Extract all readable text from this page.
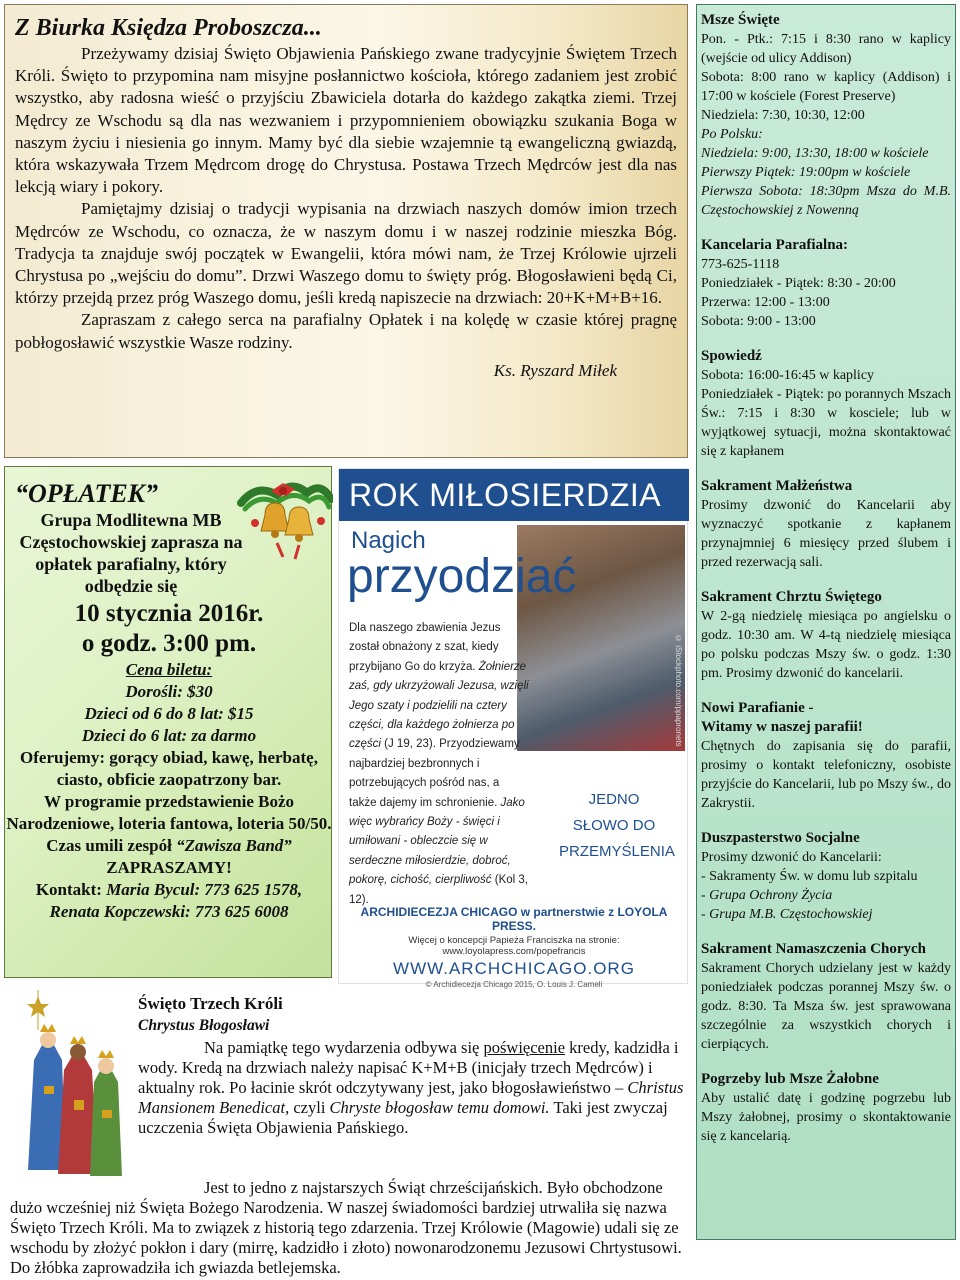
Z Biurka Księdza Proboszcza...

Przeżywamy dzisiaj Święto Objawienia Pańskiego zwane tradycyjnie Świętem Trzech Króli. Święto to przypomina nam misyjne posłannictwo kościoła, którego zadaniem jest zrobić wszystko, aby radosna wieść o przyjściu Zbawiciela dotarła do każdego zakątka ziemi. Trzej Mędrcy ze Wschodu są dla nas wezwaniem i przypomnieniem obowiązku szukania Boga w naszym życiu i niesienia go innym. Mamy być dla siebie wzajemnie tą ewangeliczną gwiazdą, która wskazywała Trzem Mędrcom drogę do Chrystusa. Postawa Trzech Mędrców jest dla nas lekcją wiary i pokory.

Pamiętajmy dzisiaj o tradycji wypisania na drzwiach naszych domów imion trzech Mędrców ze Wschodu, co oznacza, że w naszym domu i w naszej rodzinie mieszka Bóg. Tradycja ta znajduje swój początek w Ewangelii, która mówi nam, że Trzej Królowie ujrzeli Chrystusa po „wejściu do domu”. Drzwi Waszego domu to święty próg. Błogosławieni będą Ci, którzy przejdą przez próg Waszego domu, jeśli kredą napiszecie na drzwiach: 20+K+M+B+16.

Zapraszam z całego serca na parafialny Opłatek i na kolędę w czasie której pragnę pobłogosławić wszystkie Wasze rodziny.

Ks. Ryszard Miłek

“OPŁATEK”
Grupa Modlitewna MB Częstochowskiej zaprasza na opłatek parafialny, który odbędzie się
10 stycznia 2016r.
o godz. 3:00 pm.
Cena biletu:
Dorośli: $30
Dzieci od 6 do 8 lat: $15
Dzieci do 6 lat: za darmo
Oferujemy: gorący obiad, kawę, herbatę, ciasto, obficie zaopatrzony bar.
W programie przedstawienie Bożo Narodzeniowe, loteria fantowa, loteria 50/50.
Czas umili zespół “Zawisza Band”
ZAPRASZAMY!
Kontakt: Maria Bycul: 773 625 1578,
Renata Kopczewski: 773 625 6008
ROK MIŁOSIERDZIA
© iStockphoto.com/ppapronets
Nagich
przyodziać
Dla naszego zbawienia Jezus został obnażony z szat, kiedy przybijano Go do krzyża. Żołnierze zaś, gdy ukrzyżowali Jezusa, wzięli Jego szaty i podzielili na cztery części, dla każdego żołnierza po części (J 19, 23). Przyodziewamy najbardziej bezbronnych i potrzebujących pośród nas, a także dajemy im schronienie. Jako więc wybrańcy Boży - święci i umiłowani - obleczcie się w serdeczne miłosierdzie, dobroć, pokorę, cichość, cierpliwość (Kol 3, 12).
JEDNO SŁOWO DO PRZEMYŚLENIA
ARCHIDIECEZJA CHICAGO w partnerstwie z LOYOLA PRESS.
Więcej o koncepcji Papieża Franciszka na stronie: www.loyolapress.com/popefrancis
WWW.ARCHCHICAGO.ORG
© Archidiecezja Chicago 2015, O. Louis J. Cameli
Msze Święte
Pon. - Ptk.: 7:15 i 8:30 rano w kaplicy (wejście od ulicy Addison)
Sobota: 8:00 rano w kaplicy (Addison) i 17:00 w kościele (Forest Preserve)
Niedziela: 7:30, 10:30, 12:00
Po Polsku:
Niedziela: 9:00, 13:30, 18:00 w kościele
Pierwszy Piątek: 19:00pm w kościele
Pierwsza Sobota: 18:30pm Msza do M.B. Częstochowskiej z Nowenną
Kancelaria Parafialna:
773-625-1118
Poniedziałek - Piątek: 8:30 - 20:00
Przerwa: 12:00 - 13:00
Sobota: 9:00 - 13:00
Spowiedź
Sobota: 16:00-16:45 w kaplicy
Poniedziałek - Piątek: po porannych Mszach Św.: 7:15 i 8:30 w kosciele; lub w wyjątkowej sytuacji, można skontaktować się z kapłanem
Sakrament Małżeństwa
Prosimy dzwonić do Kancelarii aby wyznaczyć spotkanie z kapłanem przynajmniej 6 miesięcy przed ślubem i przed rezerwacją sali.
Sakrament Chrztu Świętego
W 2-gą niedzielę miesiąca po angielsku o godz. 10:30 am. W 4-tą niedzielę miesiąca po polsku podczas Mszy św. o godz. 1:30 pm. Prosimy dzwonić do kancelarii.
Nowi Parafianie -
Witamy w naszej parafii!
Chętnych do zapisania się do parafii, prosimy o kontakt telefoniczny, osobiste przyjście do Kancelarii, lub po Mszy św., do Zakrystii.
Duszpasterstwo Socjalne
Prosimy dzwonić do Kancelarii:
- Sakramenty Św. w domu lub szpitalu
- Grupa Ochrony Życia
- Grupa M.B. Częstochowskiej
Sakrament Namaszczenia Chorych
Sakrament Chorych udzielany jest w każdy poniedziałek podczas porannej Mszy św. o godz. 8:30. Ta Msza św. jest sprawowana szczególnie za wszystkich chorych i cierpiących.
Pogrzeby lub Msze Żałobne
Aby ustalić datę i godzinę pogrzebu lub Mszy żałobnej, prosimy o skontaktowanie się z kancelarią.
Święto Trzech Króli
Chrystus Błogosławi
Na pamiątkę tego wydarzenia odbywa się poświęcenie kredy, kadzidła i wody. Kredą na drzwiach należy napisać K+M+B (inicjały trzech Mędrców) i aktualny rok. Po łacinie skrót odczytywany jest, jako błogosławieństwo – Christus Mansionem Benedicat, czyli Chryste błogosław temu domowi. Taki jest zwyczaj uczczenia Święta Objawienia Pańskiego.
Jest to jedno z najstarszych Świąt chrześcijańskich. Było obchodzone dużo wcześniej niż Święta Bożego Narodzenia. W naszej świadomości bardziej utrwaliła się nazwa Święto Trzech Króli. Ma to związek z historią tego zdarzenia. Trzej Królowie (Magowie) udali się ze wschodu by złożyć pokłon i dary (mirrę, kadzidło i złoto) nowonarodzonemu Jezusowi Chrtystusowi. Do żłóbka zaprowadziła ich gwiazda betlejemska.
